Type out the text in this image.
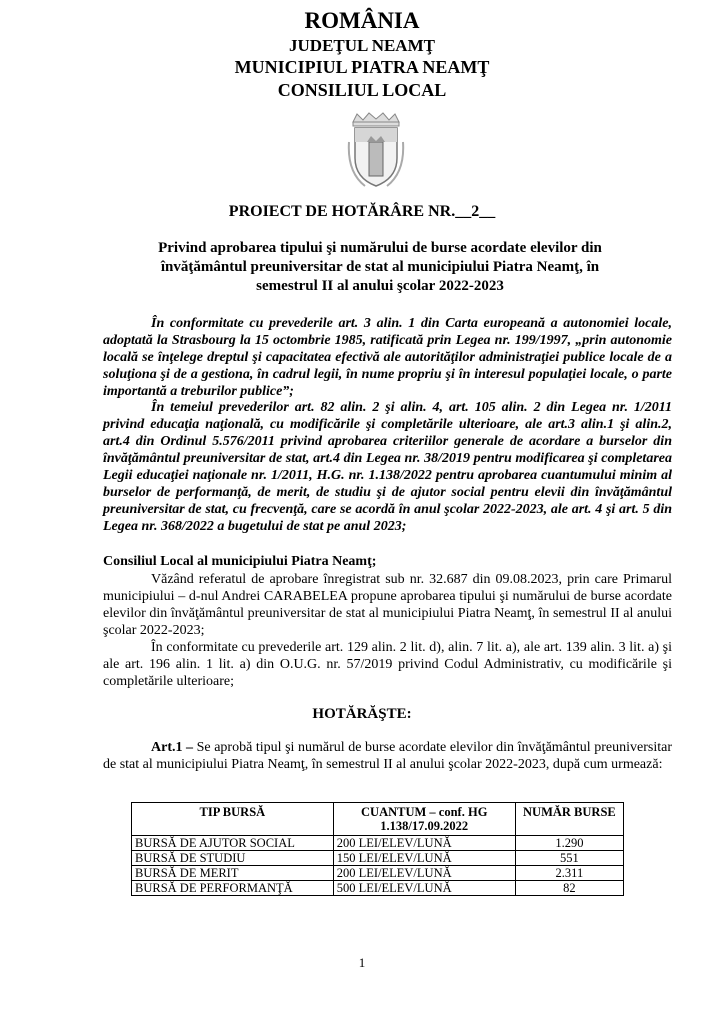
ROMÂNIA
JUDEŢUL NEAMŢ
MUNICIPIUL PIATRA NEAMŢ
CONSILIUL LOCAL
PROIECT DE HOTĂRÂRE NR.__2__
Privind aprobarea tipului şi numărului de burse acordate elevilor din învăţământul preuniversitar de stat al municipiului Piatra Neamţ, în semestrul II al anului şcolar 2022-2023
În conformitate cu prevederile art. 3 alin. 1 din Carta europeană a autonomiei locale, adoptată la Strasbourg la 15 octombrie 1985, ratificată prin Legea nr. 199/1997, „prin autonomie locală se înţelege dreptul şi capacitatea efectivă ale autorităţilor administraţiei publice locale de a soluţiona şi de a gestiona, în cadrul legii, în nume propriu şi în interesul populaţiei locale, o parte importantă a treburilor publice”;
În temeiul prevederilor art. 82 alin. 2 şi alin. 4, art. 105 alin. 2 din Legea nr. 1/2011 privind educaţia naţională, cu modificările şi completările ulterioare, ale art.3 alin.1 şi alin.2, art.4 din Ordinul 5.576/2011 privind aprobarea criteriilor generale de acordare a burselor din învăţământul preuniversitar de stat, art.4 din Legea nr. 38/2019 pentru modificarea şi completarea Legii educaţiei naţionale nr. 1/2011, H.G. nr. 1.138/2022 pentru aprobarea cuantumului minim al burselor de performanţă, de merit, de studiu şi de ajutor social pentru elevii din învăţământul preuniversitar de stat, cu frecvenţă, care se acordă în anul şcolar 2022-2023, ale art. 4 şi art. 5 din Legea nr. 368/2022 a bugetului de stat pe anul 2023;
Consiliul Local al municipiului Piatra Neamţ;
Văzând referatul de aprobare înregistrat sub nr. 32.687 din 09.08.2023, prin care Primarul municipiului – d-nul Andrei CARABELEA propune aprobarea tipului şi numărului de burse acordate elevilor din învăţământul preuniversitar de stat al municipiului Piatra Neamţ, în semestrul II al anului şcolar 2022-2023;
În conformitate cu prevederile art. 129 alin. 2 lit. d), alin. 7 lit. a), ale art. 139 alin. 3 lit. a) şi ale art. 196 alin. 1 lit. a) din O.U.G. nr. 57/2019 privind Codul Administrativ, cu modificările şi completările ulterioare;
HOTĂRĂŞTE:
Art.1 – Se aprobă tipul şi numărul de burse acordate elevilor din învăţământul preuniversitar de stat al municipiului Piatra Neamţ, în semestrul II al anului şcolar 2022-2023, după cum urmează:
TIP BURSĂ	CUANTUM – conf. HG 1.138/17.09.2022	NUMĂR BURSE
BURSĂ DE AJUTOR SOCIAL	200 LEI/ELEV/LUNĂ	1.290
BURSĂ DE STUDIU	150 LEI/ELEV/LUNĂ	551
BURSĂ DE MERIT	200 LEI/ELEV/LUNĂ	2.311
BURSĂ DE PERFORMANŢĂ	500 LEI/ELEV/LUNĂ	82
1
